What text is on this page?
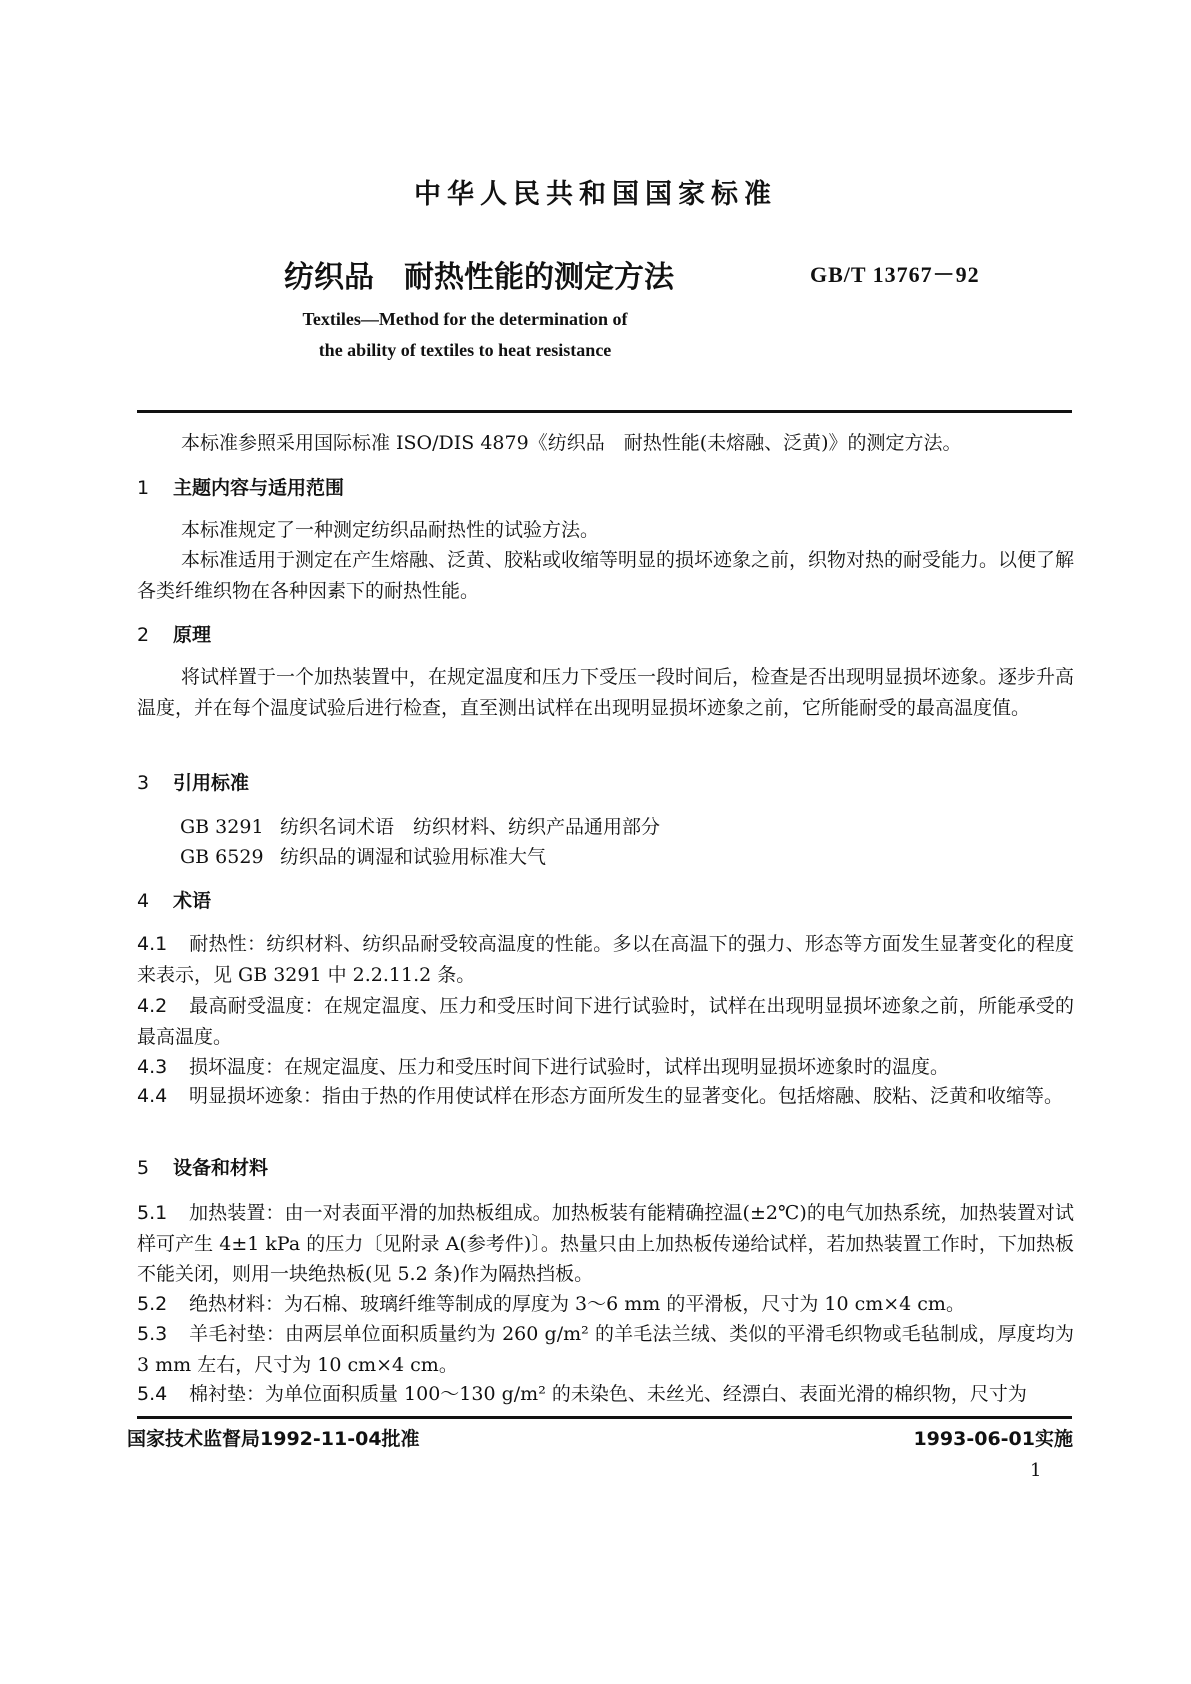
中华人民共和国国家标准
纺织品　耐热性能的测定方法	GB/T 13767－92
Textiles—Method for the determination of
the ability of textiles to heat resistance
本标准参照采用国际标准 ISO/DIS 4879《纺织品　耐热性能(未熔融、泛黄)》的测定方法。
1 主题内容与适用范围
本标准规定了一种测定纺织品耐热性的试验方法。
本标准适用于测定在产生熔融、泛黄、胶粘或收缩等明显的损坏迹象之前，织物对热的耐受能力。以便了解各类纤维织物在各种因素下的耐热性能。
2 原理
将试样置于一个加热装置中，在规定温度和压力下受压一段时间后，检查是否出现明显损坏迹象。逐步升高温度，并在每个温度试验后进行检查，直至测出试样在出现明显损坏迹象之前，它所能耐受的最高温度值。
3 引用标准
GB 3291 纺织名词术语　纺织材料、纺织产品通用部分
GB 6529 纺织品的调湿和试验用标准大气
4 术语
4.1 耐热性：纺织材料、纺织品耐受较高温度的性能。多以在高温下的强力、形态等方面发生显著变化的程度来表示，见 GB 3291 中 2.2.11.2 条。
4.2 最高耐受温度：在规定温度、压力和受压时间下进行试验时，试样在出现明显损坏迹象之前，所能承受的最高温度。
4.3 损坏温度：在规定温度、压力和受压时间下进行试验时，试样出现明显损坏迹象时的温度。
4.4 明显损坏迹象：指由于热的作用使试样在形态方面所发生的显著变化。包括熔融、胶粘、泛黄和收缩等。
5 设备和材料
5.1 加热装置：由一对表面平滑的加热板组成。加热板装有能精确控温(±2℃)的电气加热系统，加热装置对试样可产生 4±1 kPa 的压力〔见附录 A(参考件)〕。热量只由上加热板传递给试样，若加热装置工作时，下加热板不能关闭，则用一块绝热板(见 5.2 条)作为隔热挡板。
5.2 绝热材料：为石棉、玻璃纤维等制成的厚度为 3～6 mm 的平滑板，尺寸为 10 cm×4 cm。
5.3 羊毛衬垫：由两层单位面积质量约为 260 g/m² 的羊毛法兰绒、类似的平滑毛织物或毛毡制成，厚度均为 3 mm 左右，尺寸为 10 cm×4 cm。
5.4 棉衬垫：为单位面积质量 100～130 g/m² 的未染色、未丝光、经漂白、表面光滑的棉织物，尺寸为
国家技术监督局1992-11-04批准	1993-06-01实施
1
